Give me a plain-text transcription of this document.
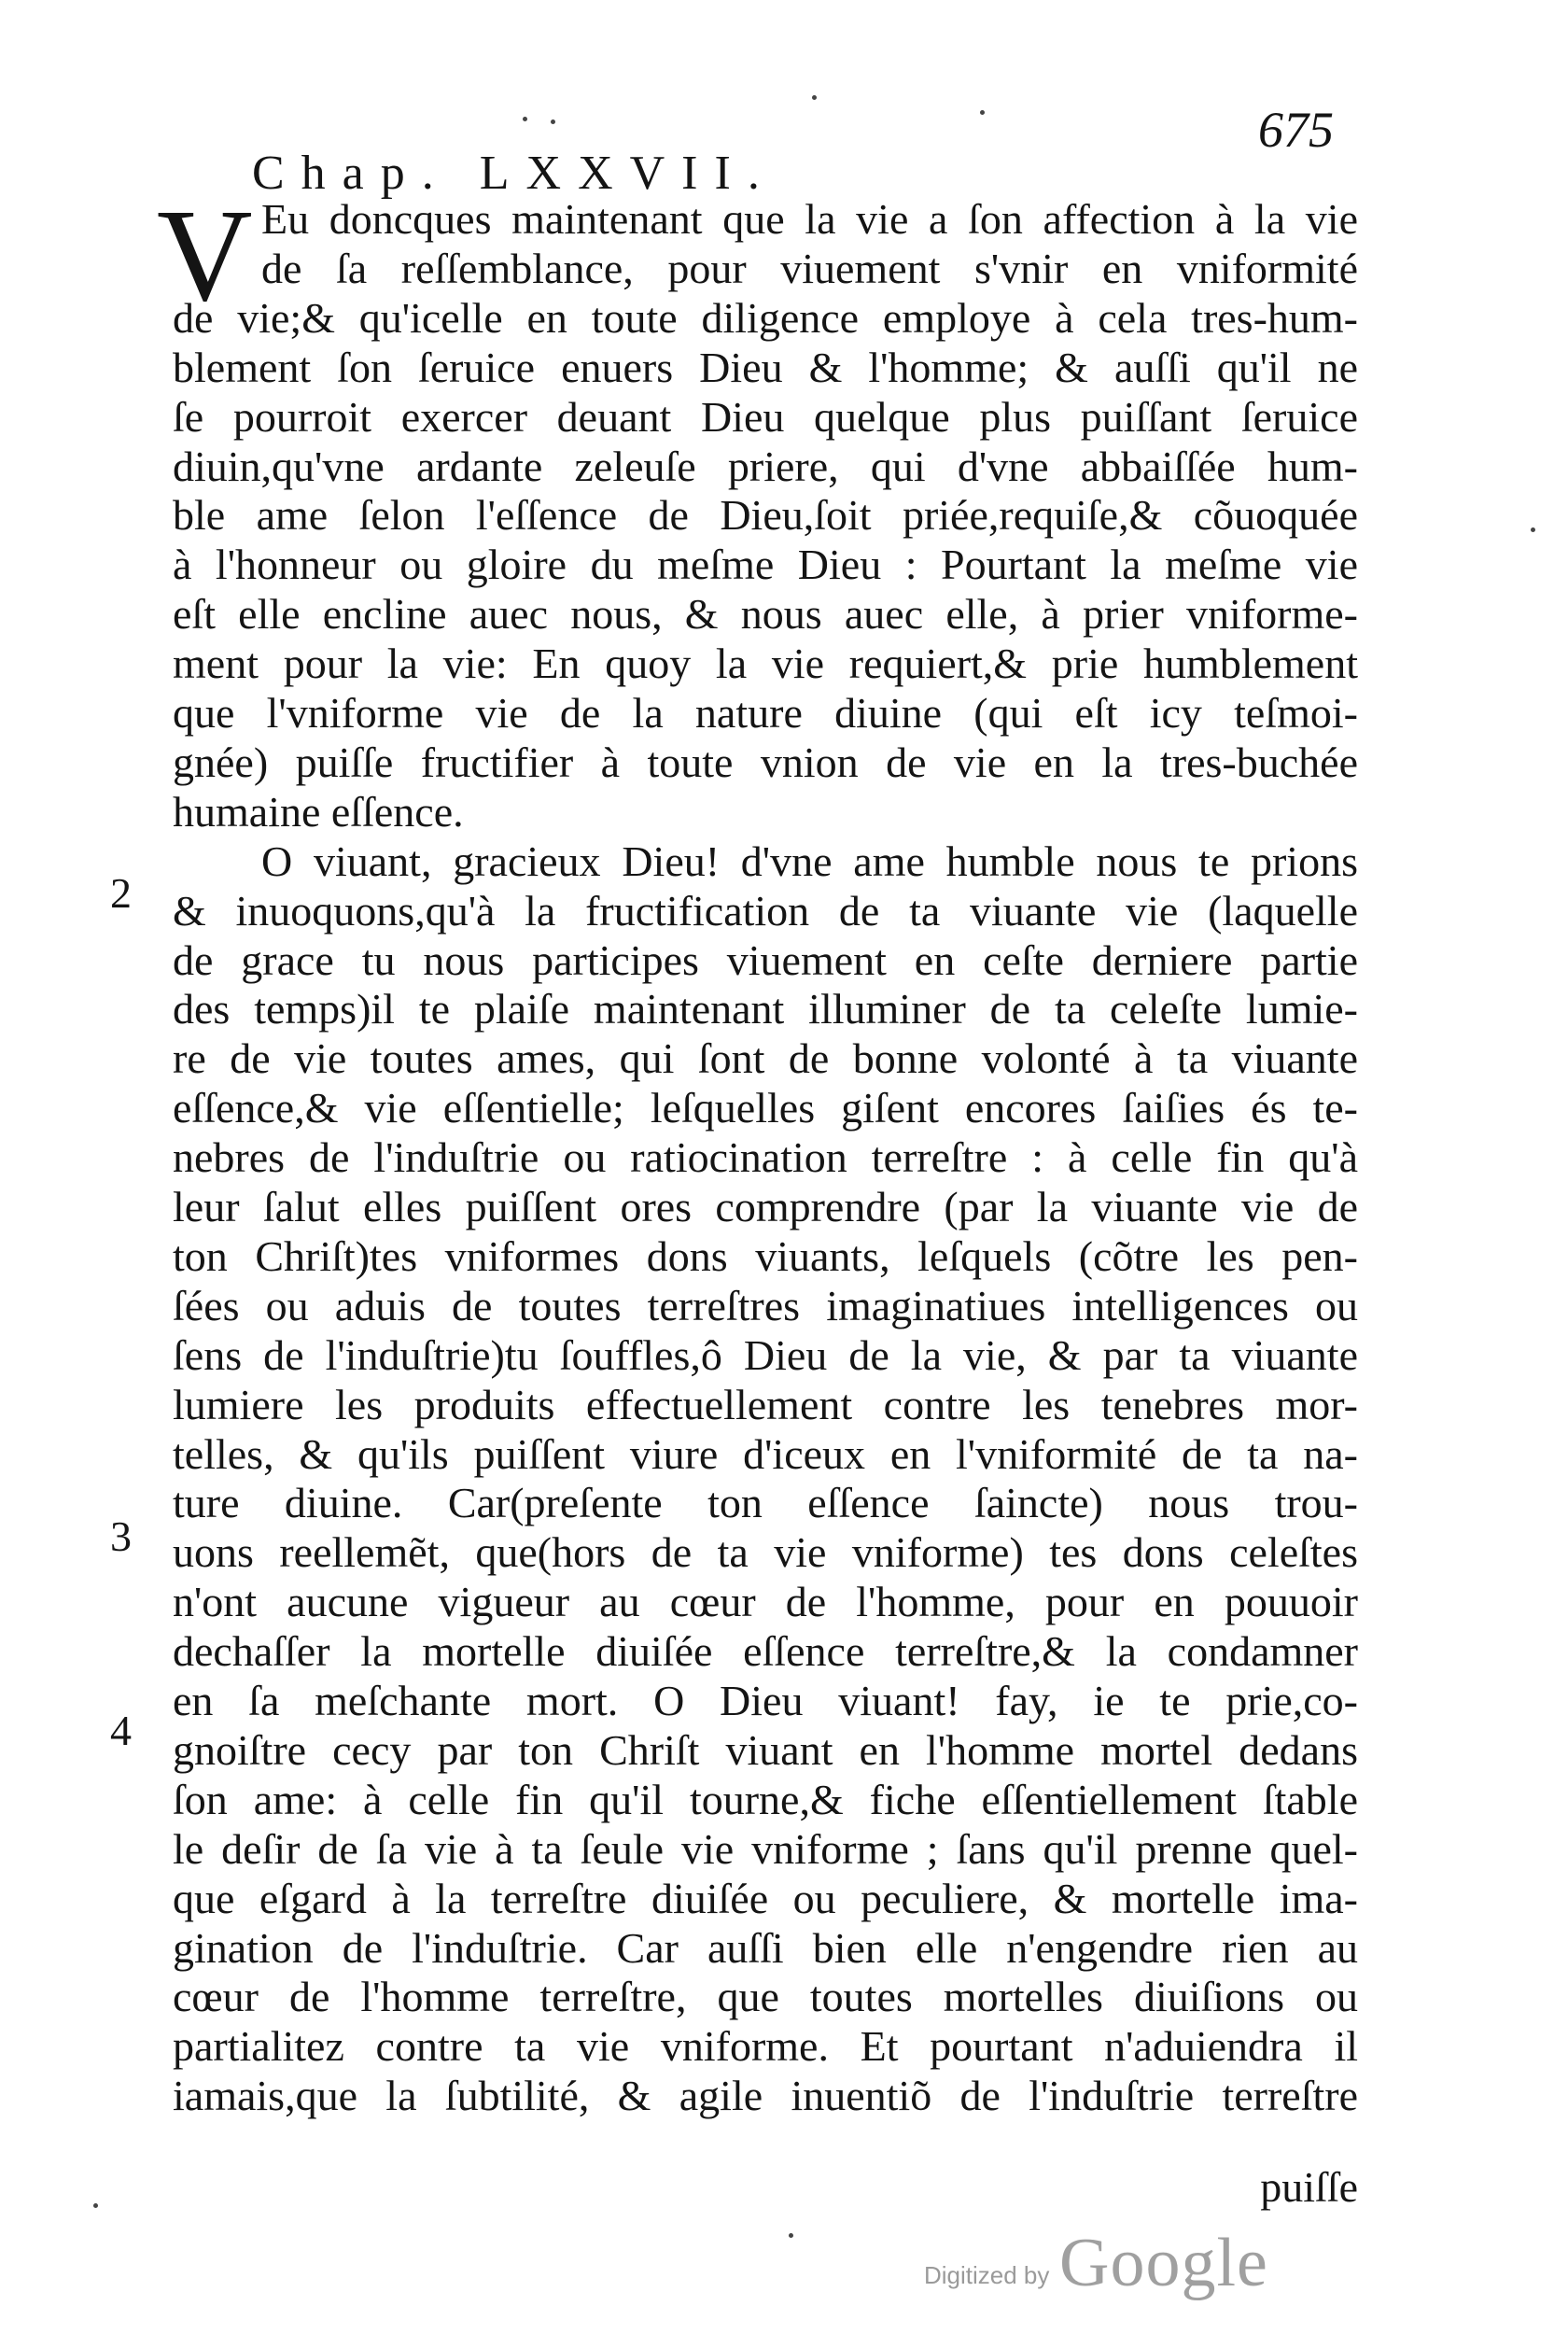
675
Chap. LXXVII.
V Eu doncques maintenant que la vie a ſon affection à la vie
de ſa reſſemblance, pour viuement s'vnir en vniformité
de vie;& qu'icelle en toute diligence employe à cela tres-hum-
blement ſon ſeruice enuers Dieu & l'homme; & auſſi qu'il ne
ſe pourroit exercer deuant Dieu quelque plus puiſſant ſeruice
diuin,qu'vne ardante zeleuſe priere, qui d'vne abbaiſſée hum-
ble ame ſelon l'eſſence de Dieu,ſoit priée,requiſe,& cõuoquée
à l'honneur ou gloire du meſme Dieu : Pourtant la meſme vie
eſt elle encline auec nous, & nous auec elle, à prier vniforme-
ment pour la vie: En quoy la vie requiert,& prie humblement
que l'vniforme vie de la nature diuine (qui eſt icy teſmoi-
gnée) puiſſe fructifier à toute vnion de vie en la tres-buchée
humaine eſſence.
O viuant, gracieux Dieu! d'vne ame humble nous te prions
& inuoquons,qu'à la fructification de ta viuante vie (laquelle
de grace tu nous participes viuement en ceſte derniere partie
des temps)il te plaiſe maintenant illuminer de ta celeſte lumie-
re de vie toutes ames, qui ſont de bonne volonté à ta viuante
eſſence,& vie eſſentielle; leſquelles giſent encores ſaiſies és te-
nebres de l'induſtrie ou ratiocination terreſtre : à celle fin qu'à
leur ſalut elles puiſſent ores comprendre (par la viuante vie de
ton Chriſt)tes vniformes dons viuants, leſquels (cõtre les pen-
ſées ou aduis de toutes terreſtres imaginatiues intelligences ou
ſens de l'induſtrie)tu ſouffles,ô Dieu de la vie, & par ta viuante
lumiere les produits effectuellement contre les tenebres mor-
telles, & qu'ils puiſſent viure d'iceux en l'vniformité de ta na-
ture diuine. Car(preſente ton eſſence ſaincte) nous trou-
uons reellemẽt, que(hors de ta vie vniforme) tes dons celeſtes
n'ont aucune vigueur au cœur de l'homme, pour en pouuoir
dechaſſer la mortelle diuiſée eſſence terreſtre,& la condamner
en ſa meſchante mort. O Dieu viuant! fay, ie te prie,co-
gnoiſtre cecy par ton Chriſt viuant en l'homme mortel dedans
ſon ame: à celle fin qu'il tourne,& fiche eſſentiellement ſtable
le deſir de ſa vie à ta ſeule vie vniforme ; ſans qu'il prenne quel-
que eſgard à la terreſtre diuiſée ou peculiere, & mortelle ima-
gination de l'induſtrie. Car auſſi bien elle n'engendre rien au
cœur de l'homme terreſtre, que toutes mortelles diuiſions ou
partialitez contre ta vie vniforme. Et pourtant n'aduiendra il
iamais,que la ſubtilité, & agile inuentiõ de l'induſtrie terreſtre
2
3
4
puiſſe
Digitized by Google
